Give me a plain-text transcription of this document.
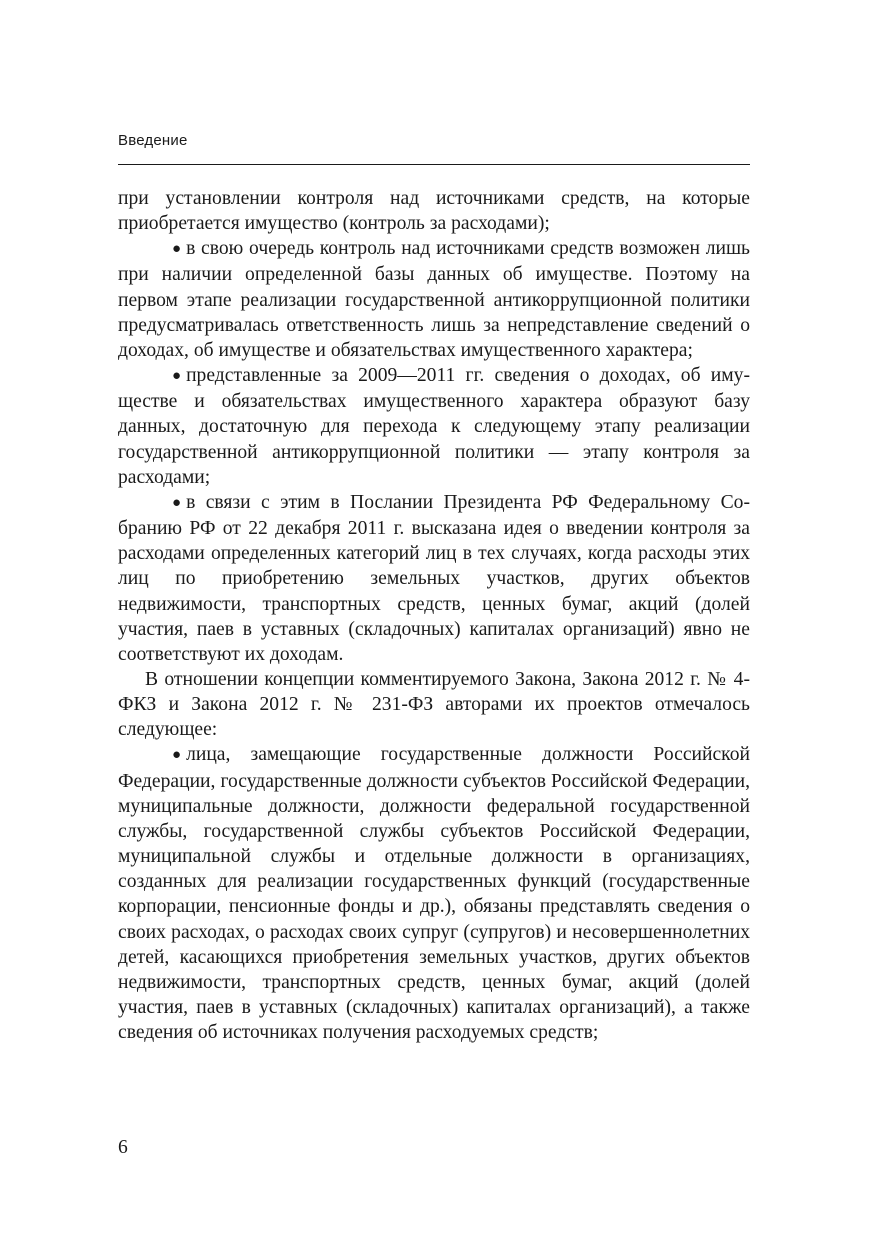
Введение

при установлении контроля над источниками средств, на которые приобретается имущество (контроль за расходами);

● в свою очередь контроль над источниками средств возможен лишь при наличии определенной базы данных об имуществе. Поэтому на первом этапе реализации государственной антикоррупционной политики предусматривалась ответственность лишь за непредставление сведений о доходах, об имуществе и обязательствах имущественного характера;

● представленные за 2009—2011 гг. сведения о доходах, об имуществе и обязательствах имущественного характера образуют базу данных, достаточную для перехода к следующему этапу реализации государственной антикоррупционной политики — этапу контроля за расходами;

● в связи с этим в Послании Президента РФ Федеральному Собранию РФ от 22 декабря 2011 г. высказана идея о введении контроля за расходами определенных категорий лиц в тех случаях, когда расходы этих лиц по приобретению земельных участков, других объектов недвижимости, транспортных средств, ценных бумаг, акций (долей участия, паев в уставных (складочных) капиталах организаций) явно не соответствуют их доходам.

В отношении концепции комментируемого Закона, Закона 2012 г. № 4-ФКЗ и Закона 2012 г. № 231-ФЗ авторами их проектов отмечалось следующее:

● лица, замещающие государственные должности Российской Федерации, государственные должности субъектов Российской Федерации, муниципальные должности, должности федеральной государственной службы, государственной службы субъектов Российской Федерации, муниципальной службы и отдельные должности в организациях, созданных для реализации государственных функций (государственные корпорации, пенсионные фонды и др.), обязаны представлять сведения о своих расходах, о расходах своих супруг (супругов) и несовершеннолетних детей, касающихся приобретения земельных участков, других объектов недвижимости, транспортных средств, ценных бумаг, акций (долей участия, паев в уставных (складочных) капиталах организаций), а также сведения об источниках получения расходуемых средств;

6
